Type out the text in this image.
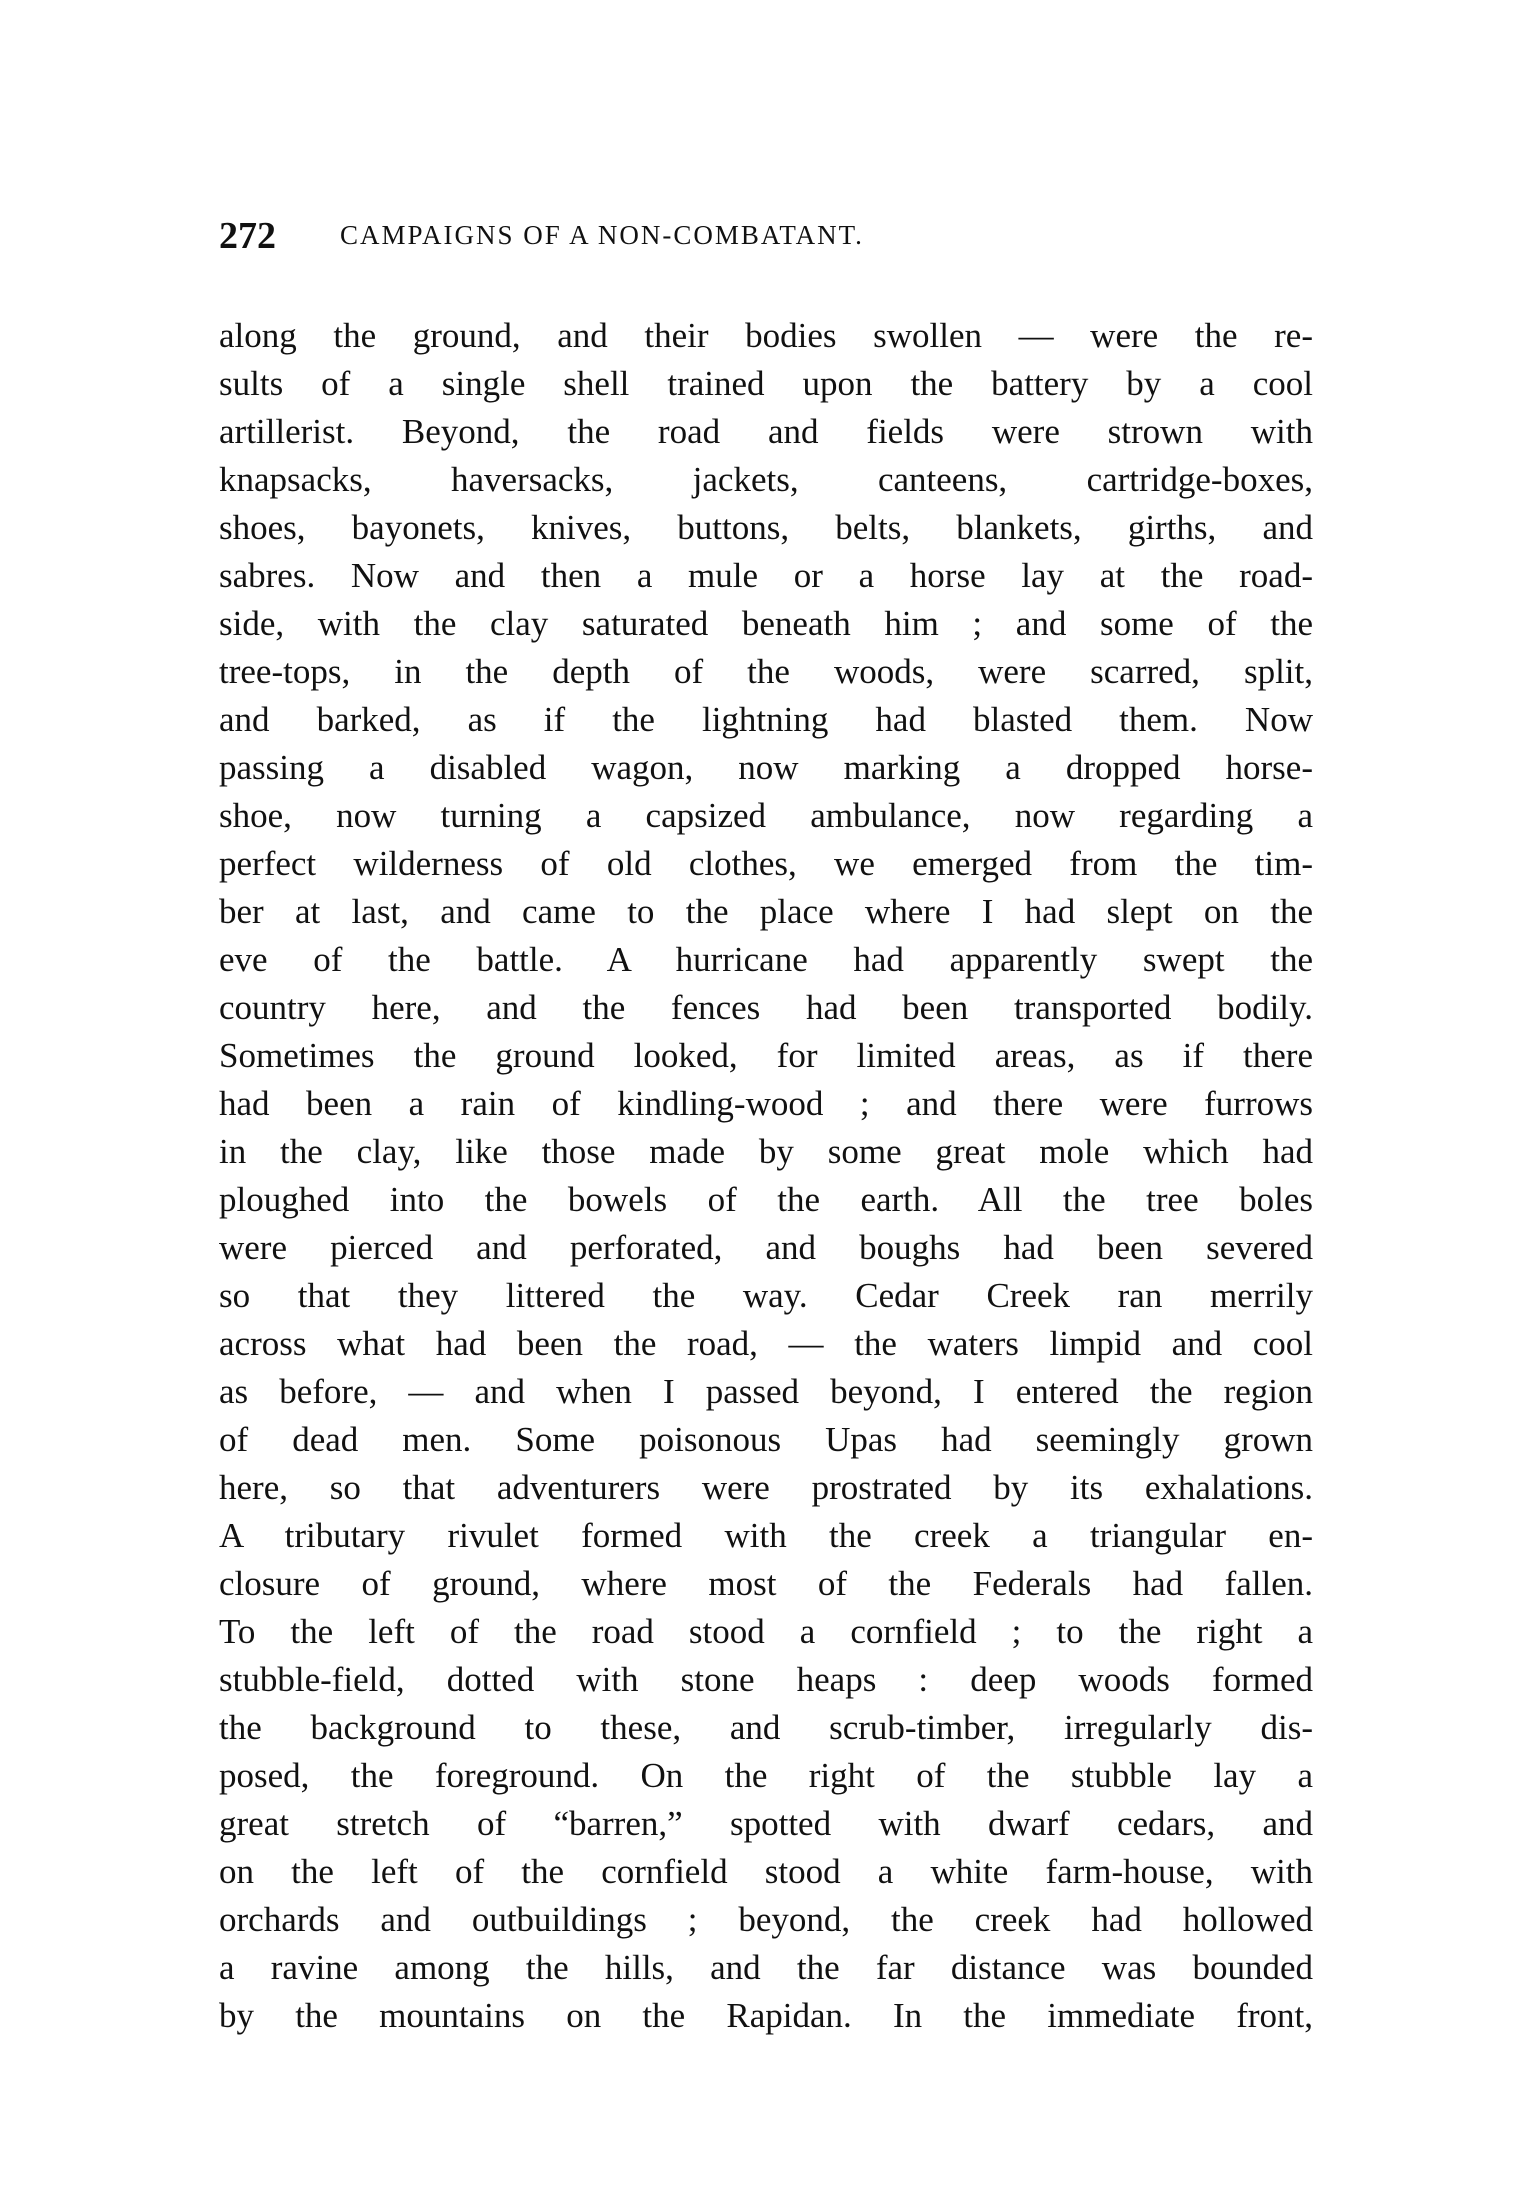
272 CAMPAIGNS OF A NON-COMBATANT.
along the ground, and their bodies swollen — were the re-
sults of a single shell trained upon the battery by a cool
artillerist. Beyond, the road and fields were strown with
knapsacks, haversacks, jackets, canteens, cartridge-boxes,
shoes, bayonets, knives, buttons, belts, blankets, girths, and
sabres. Now and then a mule or a horse lay at the road-
side, with the clay saturated beneath him ; and some of the
tree-tops, in the depth of the woods, were scarred, split,
and barked, as if the lightning had blasted them. Now
passing a disabled wagon, now marking a dropped horse-
shoe, now turning a capsized ambulance, now regarding a
perfect wilderness of old clothes, we emerged from the tim-
ber at last, and came to the place where I had slept on the
eve of the battle. A hurricane had apparently swept the
country here, and the fences had been transported bodily.
Sometimes the ground looked, for limited areas, as if there
had been a rain of kindling-wood ; and there were furrows
in the clay, like those made by some great mole which had
ploughed into the bowels of the earth. All the tree boles
were pierced and perforated, and boughs had been severed
so that they littered the way. Cedar Creek ran merrily
across what had been the road, — the waters limpid and cool
as before, — and when I passed beyond, I entered the region
of dead men. Some poisonous Upas had seemingly grown
here, so that adventurers were prostrated by its exhalations.
A tributary rivulet formed with the creek a triangular en-
closure of ground, where most of the Federals had fallen.
To the left of the road stood a cornfield ; to the right a
stubble-field, dotted with stone heaps : deep woods formed
the background to these, and scrub-timber, irregularly dis-
posed, the foreground. On the right of the stubble lay a
great stretch of “barren,” spotted with dwarf cedars, and
on the left of the cornfield stood a white farm-house, with
orchards and outbuildings ; beyond, the creek had hollowed
a ravine among the hills, and the far distance was bounded
by the mountains on the Rapidan. In the immediate front,
